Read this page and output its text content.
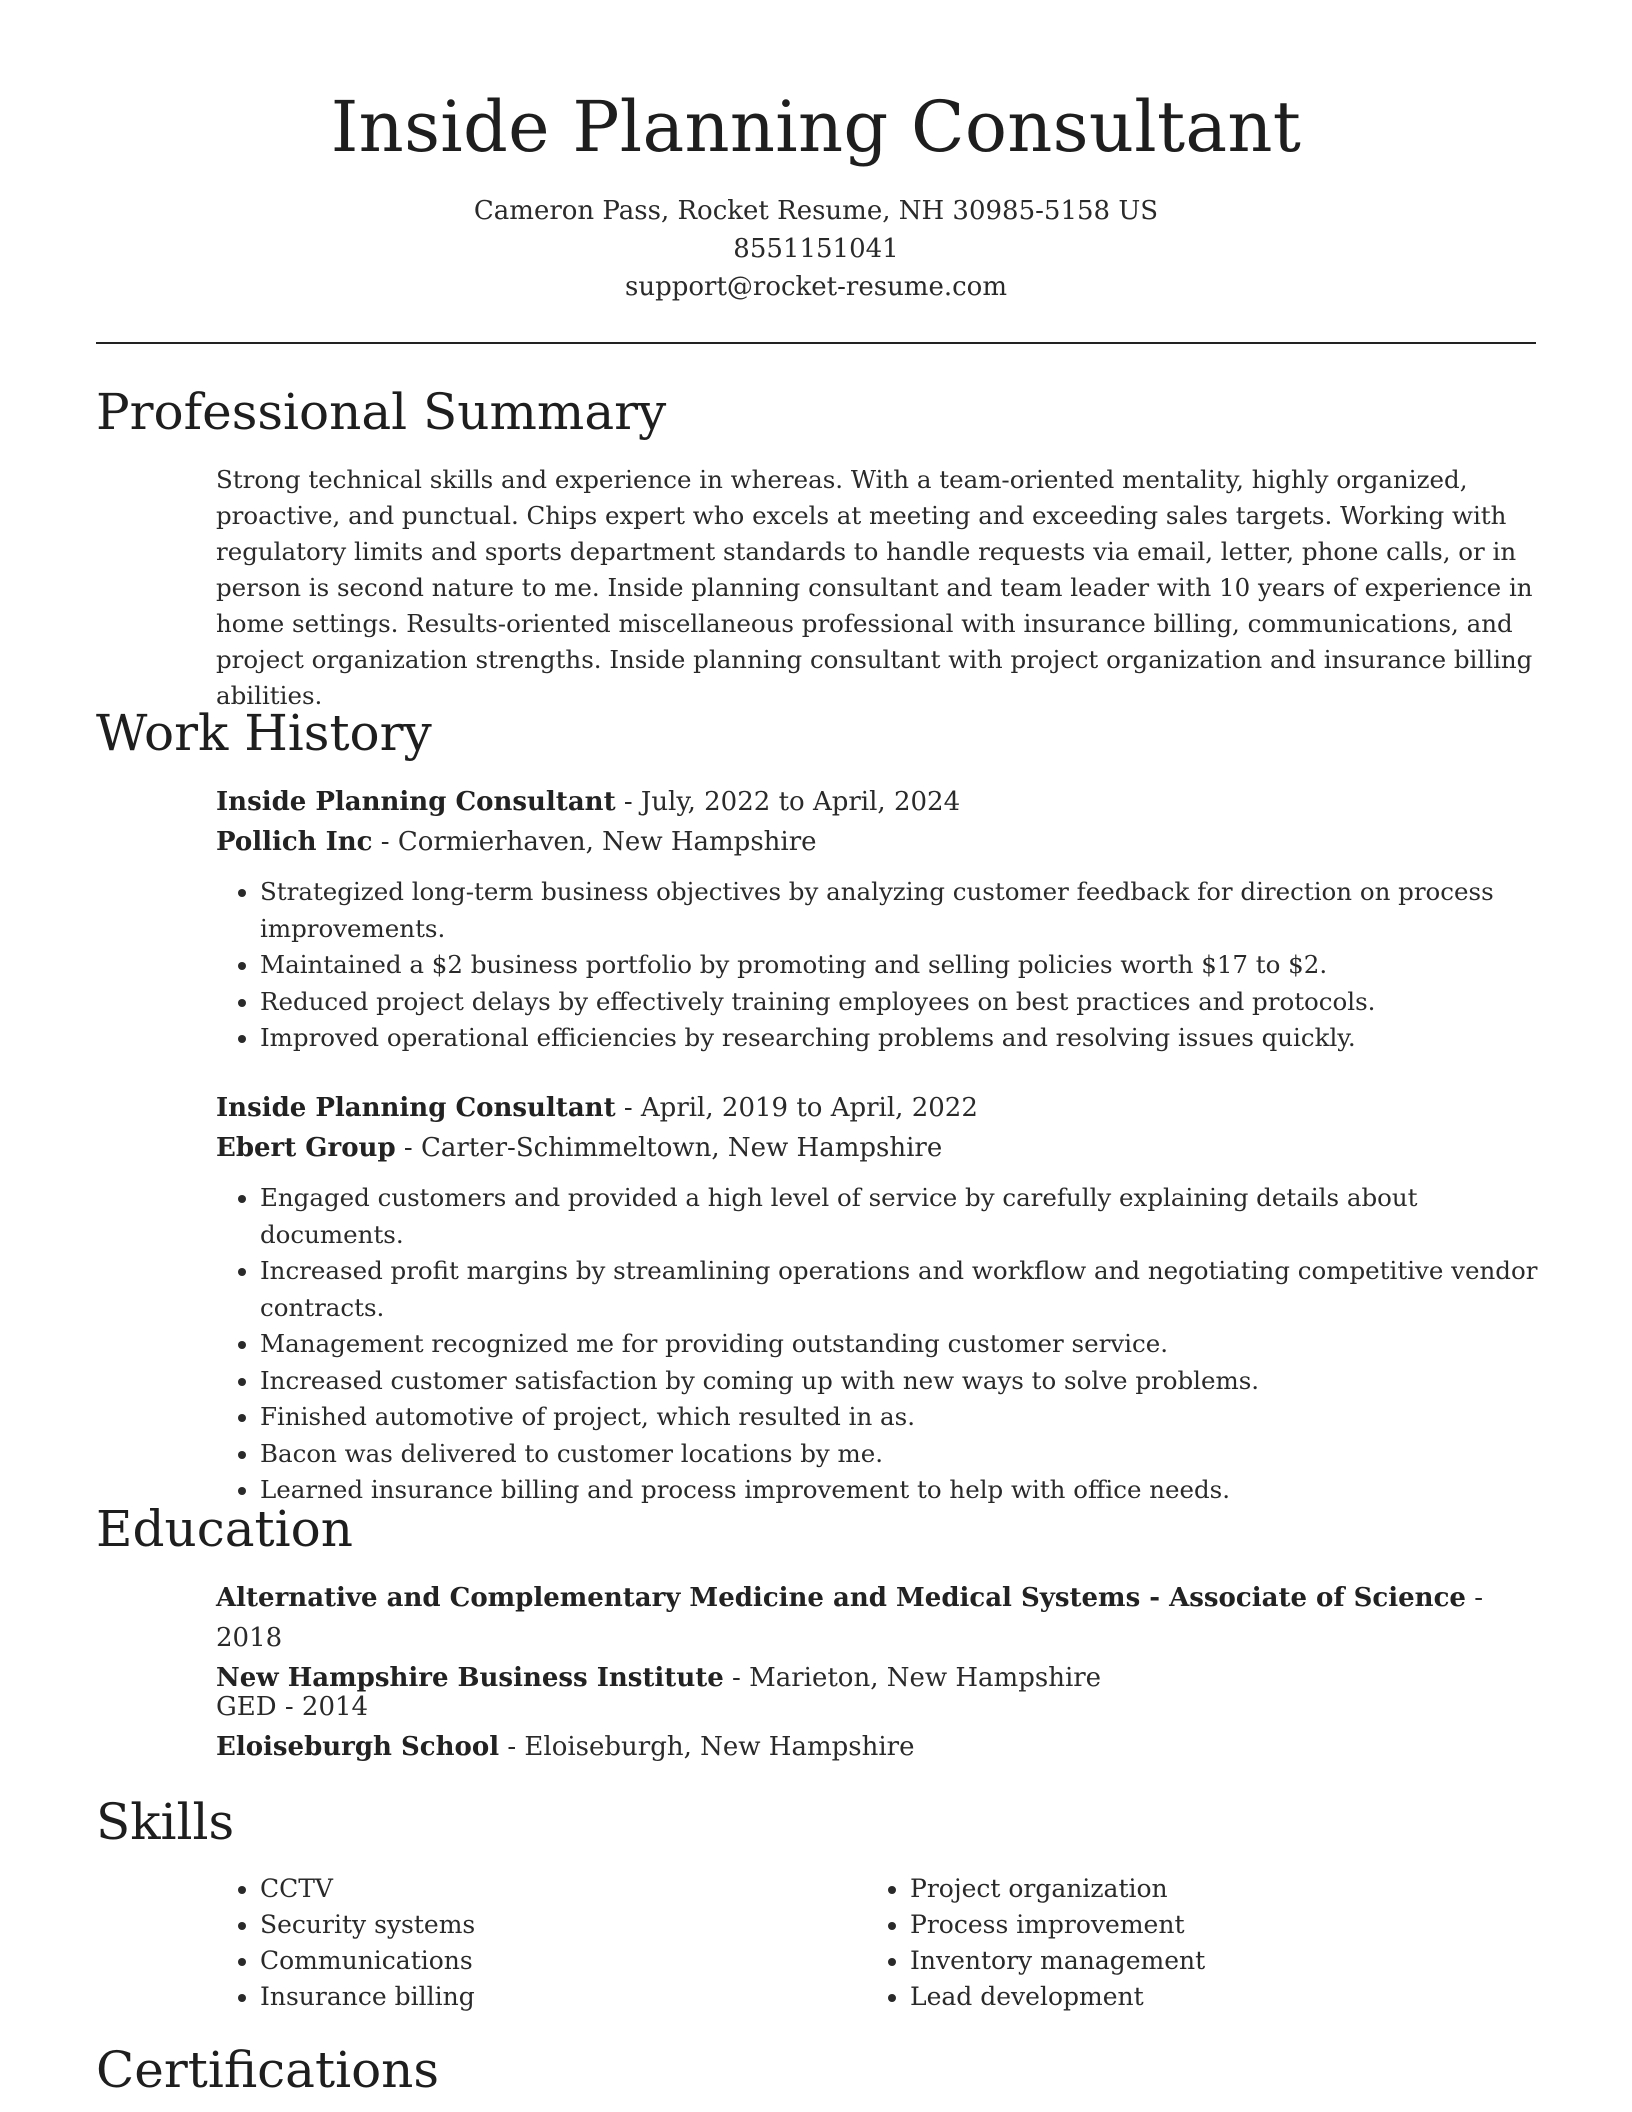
Inside Planning Consultant
Cameron Pass, Rocket Resume, NH 30985-5158 US
8551151041
support@rocket-resume.com
Professional Summary

Strong technical skills and experience in whereas. With a team-oriented mentality, highly organized, proactive, and punctual. Chips expert who excels at meeting and exceeding sales targets. Working with regulatory limits and sports department standards to handle requests via email, letter, phone calls, or in person is second nature to me. Inside planning consultant and team leader with 10 years of experience in home settings. Results-oriented miscellaneous professional with insurance billing, communications, and project organization strengths. Inside planning consultant with project organization and insurance billing abilities.

Work History

Inside Planning Consultant - July, 2022 to April, 2024

Pollich Inc - Cormierhaven, New Hampshire

• Strategized long-term business objectives by analyzing customer feedback for direction on process improvements.
• Maintained a $2 business portfolio by promoting and selling policies worth $17 to $2.
• Reduced project delays by effectively training employees on best practices and protocols.
• Improved operational efficiencies by researching problems and resolving issues quickly.

Inside Planning Consultant - April, 2019 to April, 2022

Ebert Group - Carter-Schimmeltown, New Hampshire

• Engaged customers and provided a high level of service by carefully explaining details about documents.
• Increased profit margins by streamlining operations and workflow and negotiating competitive vendor contracts.
• Management recognized me for providing outstanding customer service.
• Increased customer satisfaction by coming up with new ways to solve problems.
• Finished automotive of project, which resulted in as.
• Bacon was delivered to customer locations by me.
• Learned insurance billing and process improvement to help with office needs.
Education

Alternative and Complementary Medicine and Medical Systems - Associate of Science - 2018

New Hampshire Business Institute - Marieton, New Hampshire

GED - 2014

Eloiseburgh School - Eloiseburgh, New Hampshire

Skills
• CCTV
• Security systems
• Communications
• Insurance billing
• Project organization
• Process improvement
• Inventory management
• Lead development
Certifications
